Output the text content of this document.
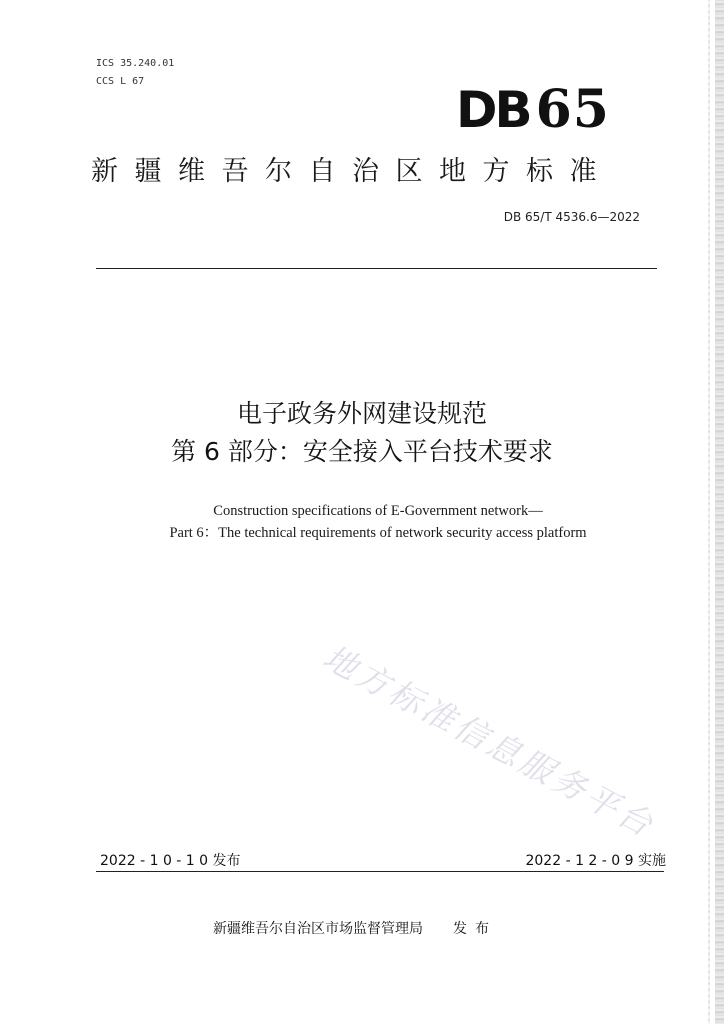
ICS 35.240.01
CCS L 67	DB 65
新疆维吾尔自治区地方标准
DB 65/T 4536.6—2022
电子政务外网建设规范
第 6 部分：安全接入平台技术要求
Construction specifications of E-Government network—
Part 6：The technical requirements of network security access platform
地方标准信息服务平台
2022 - 1 0 - 1 0 发布	2022 - 1 2 - 0 9 实施
新疆维吾尔自治区市场监督管理局 发布
